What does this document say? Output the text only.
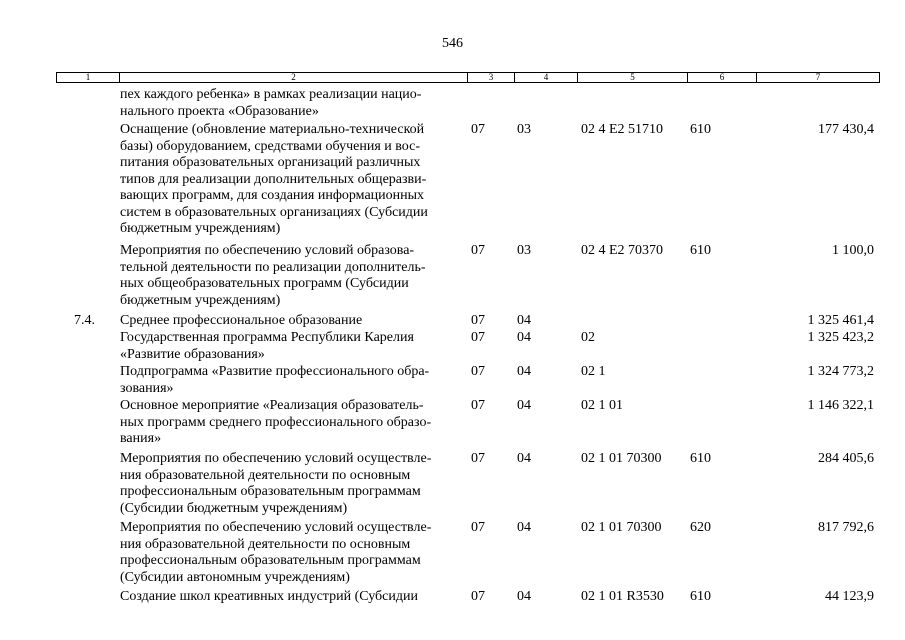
546
1	2	3	4	5	6	7
пех каждого ребенка» в рамках реализации нацио-
нального проекта «Образование»
Оснащение (обновление материально-технической
базы) оборудованием, средствами обучения и вос-
питания образовательных организаций различных
типов для реализации дополнительных общеразви-
вающих программ, для создания информационных
систем в образовательных организациях (Субсидии
бюджетным учреждениям)
07 03	02 4 E2 51710 610	177 430,4
Мероприятия по обеспечению условий образова-
тельной деятельности по реализации дополнитель-
ных общеобразовательных программ (Субсидии
бюджетным учреждениям)
07 03	02 4 E2 70370 610	1 100,0
7.4. Среднее профессиональное образование	07 04	1 325 461,4
Государственная программа Республики Карелия
«Развитие образования»
07 04	02	1 325 423,2
Подпрограмма «Развитие профессионального обра-
зования»
07 04	02 1	1 324 773,2
Основное мероприятие «Реализация образователь-
ных программ среднего профессионального образо-
вания»
07 04	02 1 01	1 146 322,1
Мероприятия по обеспечению условий осуществле-
ния образовательной деятельности по основным
профессиональным образовательным программам
(Субсидии бюджетным учреждениям)
07 04	02 1 01 70300 610	284 405,6
Мероприятия по обеспечению условий осуществле-
ния образовательной деятельности по основным
профессиональным образовательным программам
(Субсидии автономным учреждениям)
07 04	02 1 01 70300 620	817 792,6
Создание школ креативных индустрий (Субсидии	07 04	02 1 01 R3530 610	44 123,9
